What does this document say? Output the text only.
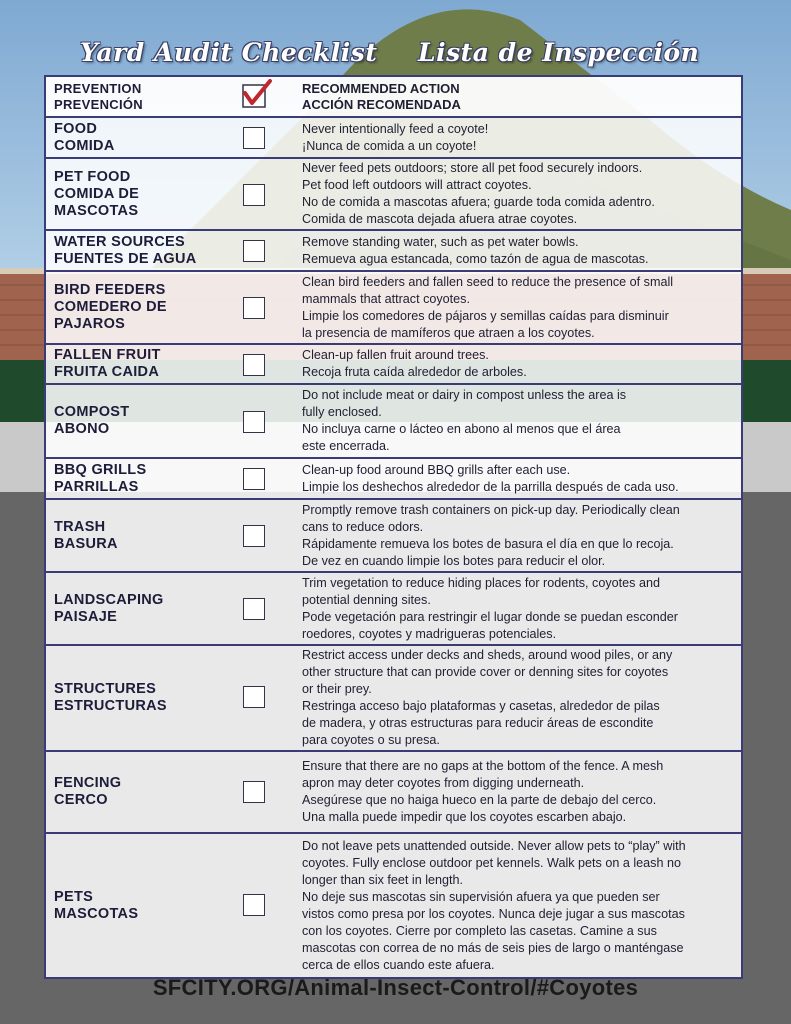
Yard Audit Checklist Lista de Inspección
PREVENTION
PREVENCIÓN
RECOMMENDED ACTION
ACCIÓN RECOMENDADA
FOOD
COMIDA
Never intentionally feed a coyote!
¡Nunca de comida a un coyote!
PET FOOD
COMIDA DE MASCOTAS
Never feed pets outdoors; store all pet food securely indoors.
Pet food left outdoors will attract coyotes.
No de comida a mascotas afuera; guarde toda comida adentro.
Comida de mascota dejada afuera atrae coyotes.
WATER SOURCES
FUENTES DE AGUA
Remove standing water, such as pet water bowls.
Remueva agua estancada, como tazón de agua de mascotas.
BIRD FEEDERS
COMEDERO DE PAJAROS
Clean bird feeders and fallen seed to reduce the presence of small
mammals that attract coyotes.
Limpie los comedores de pájaros y semillas caídas para disminuir
la presencia de mamíferos que atraen a los coyotes.
FALLEN FRUIT
FRUITA CAIDA
Clean-up fallen fruit around trees.
Recoja fruta caída alrededor de arboles.
COMPOST
ABONO
Do not include meat or dairy in compost unless the area is
fully enclosed.
No incluya carne o lácteo en abono al menos que el área
este encerrada.
BBQ GRILLS
PARRILLAS
Clean-up food around BBQ grills after each use.
Limpie los deshechos alrededor de la parrilla después de cada uso.
TRASH
BASURA
Promptly remove trash containers on pick-up day. Periodically clean
cans to reduce odors.
Rápidamente remueva los botes de basura el día en que lo recoja.
De vez en cuando limpie los botes para reducir el olor.
LANDSCAPING
PAISAJE
Trim vegetation to reduce hiding places for rodents, coyotes and
potential denning sites.
Pode vegetación para restringir el lugar donde se puedan esconder
roedores, coyotes y madrigueras potenciales.
STRUCTURES
ESTRUCTURAS
Restrict access under decks and sheds, around wood piles, or any
other structure that can provide cover or denning sites for coyotes
or their prey.
Restringa acceso bajo plataformas y casetas, alrededor de pilas
de madera, y otras estructuras para reducir áreas de escondite
para coyotes o su presa.
FENCING
CERCO
Ensure that there are no gaps at the bottom of the fence. A mesh
apron may deter coyotes from digging underneath.
Asegúrese que no haiga hueco en la parte de debajo del cerco.
Una malla puede impedir que los coyotes escarben abajo.
PETS
MASCOTAS
Do not leave pets unattended outside. Never allow pets to “play” with
coyotes. Fully enclose outdoor pet kennels. Walk pets on a leash no
longer than six feet in length.
No deje sus mascotas sin supervisión afuera ya que pueden ser
vistos como presa por los coyotes. Nunca deje jugar a sus mascotas
con los coyotes. Cierre por completo las casetas. Camine a sus
mascotas con correa de no más de seis pies de largo o manténgase
cerca de ellos cuando este afuera.
SFCITY.ORG/Animal-Insect-Control/#Coyotes
